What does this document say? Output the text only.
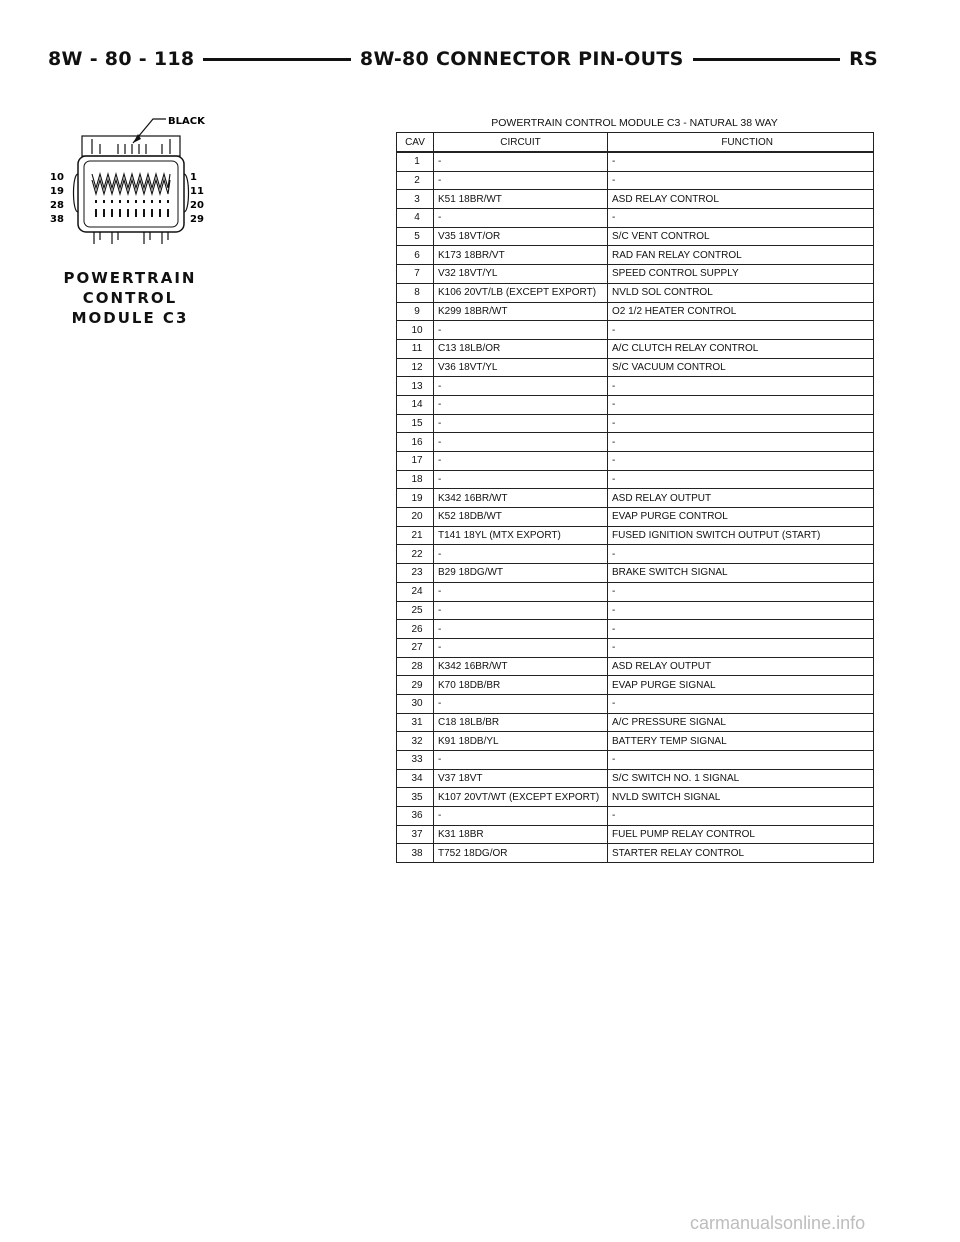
8W - 80 - 118	8W-80 CONNECTOR PIN-OUTS	RS
BLACK
10
19
28
38
1
11
20
29
POWERTRAIN
CONTROL
MODULE C3
POWERTRAIN CONTROL MODULE C3 - NATURAL 38 WAY
CAV	CIRCUIT	FUNCTION
1	-	-
2	-	-
3	K51 18BR/WT	ASD RELAY CONTROL
4	-	-
5	V35 18VT/OR	S/C VENT CONTROL
6	K173 18BR/VT	RAD FAN RELAY CONTROL
7	V32 18VT/YL	SPEED CONTROL SUPPLY
8	K106 20VT/LB (EXCEPT EXPORT)	NVLD SOL CONTROL
9	K299 18BR/WT	O2 1/2 HEATER CONTROL
10	-	-
11	C13 18LB/OR	A/C CLUTCH RELAY CONTROL
12	V36 18VT/YL	S/C VACUUM CONTROL
13	-	-
14	-	-
15	-	-
16	-	-
17	-	-
18	-	-
19	K342 16BR/WT	ASD RELAY OUTPUT
20	K52 18DB/WT	EVAP PURGE CONTROL
21	T141 18YL (MTX EXPORT)	FUSED IGNITION SWITCH OUTPUT (START)
22	-	-
23	B29 18DG/WT	BRAKE SWITCH SIGNAL
24	-	-
25	-	-
26	-	-
27	-	-
28	K342 16BR/WT	ASD RELAY OUTPUT
29	K70 18DB/BR	EVAP PURGE SIGNAL
30	-	-
31	C18 18LB/BR	A/C PRESSURE SIGNAL
32	K91 18DB/YL	BATTERY TEMP SIGNAL
33	-	-
34	V37 18VT	S/C SWITCH NO. 1 SIGNAL
35	K107 20VT/WT (EXCEPT EXPORT)	NVLD SWITCH SIGNAL
36	-	-
37	K31 18BR	FUEL PUMP RELAY CONTROL
38	T752 18DG/OR	STARTER RELAY CONTROL
carmanualsonline.info
